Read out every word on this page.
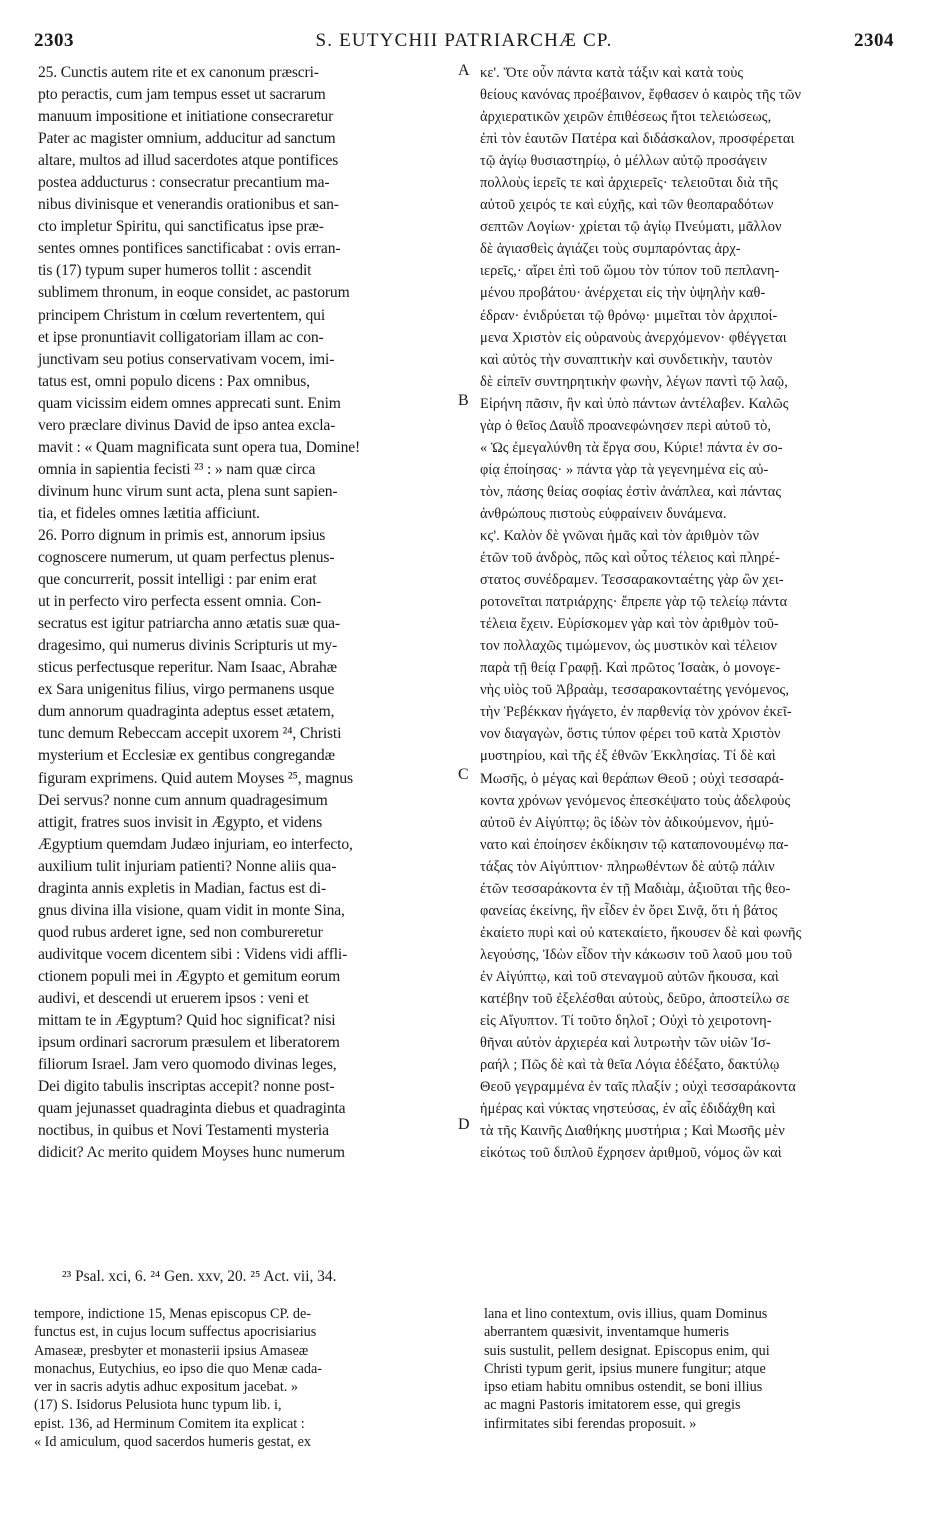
2303	S. EUTYCHII PATRIARCHÆ CP.	2304
25. Cunctis autem rite et ex canonum præscri-
pto peractis, cum jam tempus esset ut sacrarum
manuum impositione et initiatione consecraretur
Pater ac magister omnium, adducitur ad sanctum
altare, multos ad illud sacerdotes atque pontifices
postea adducturus : consecratur precantium ma-
nibus divinisque et venerandis orationibus et san-
cto impletur Spiritu, qui sanctificatus ipse præ-
sentes omnes pontifices sanctificabat : ovis erran-
tis (17) typum super humeros tollit : ascendit
sublimem thronum, in eoque considet, ac pastorum
principem Christum in cœlum revertentem, qui
et ipse pronuntiavit colligatoriam illam ac con-
junctivam seu potius conservativam vocem, imi-
tatus est, omni populo dicens : Pax omnibus,
quam vicissim eidem omnes apprecati sunt. Enim
vero præclare divinus David de ipso antea excla-
mavit : « Quam magnificata sunt opera tua, Domine!
omnia in sapientia fecisti ²³ : » nam quæ circa
divinum hunc virum sunt acta, plena sunt sapien-
tia, et fideles omnes lætitia afficiunt.
26. Porro dignum in primis est, annorum ipsius
cognoscere numerum, ut quam perfectus plenus-
que concurrerit, possit intelligi : par enim erat
ut in perfecto viro perfecta essent omnia. Con-
secratus est igitur patriarcha anno ætatis suæ qua-
dragesimo, qui numerus divinis Scripturis ut my-
sticus perfectusque reperitur. Nam Isaac, Abrahæ
ex Sara unigenitus filius, virgo permanens usque
dum annorum quadraginta adeptus esset ætatem,
tunc demum Rebeccam accepit uxorem ²⁴, Christi
mysterium et Ecclesiæ ex gentibus congregandæ
figuram exprimens. Quid autem Moyses ²⁵, magnus
Dei servus? nonne cum annum quadragesimum
attigit, fratres suos invisit in Ægypto, et videns
Ægyptium quemdam Judæo injuriam, eo interfecto,
auxilium tulit injuriam patienti? Nonne aliis qua-
draginta annis expletis in Madian, factus est di-
gnus divina illa visione, quam vidit in monte Sina,
quod rubus arderet igne, sed non combureretur
audivitque vocem dicentem sibi : Videns vidi affli-
ctionem populi mei in Ægypto et gemitum eorum
audivi, et descendi ut eruerem ipsos : veni et
mittam te in Ægyptum? Quid hoc significat? nisi
ipsum ordinari sacrorum præsulem et liberatorem
filiorum Israel. Jam vero quomodo divinas leges,
Dei digito tabulis inscriptas accepit? nonne post-
quam jejunasset quadraginta diebus et quadraginta
noctibus, in quibus et Novi Testamenti mysteria
didicit? Ac merito quidem Moyses hunc numerum
κε'. Ὅτε οὖν πάντα κατὰ τάξιν καὶ κατὰ τοὺς
θείους κανόνας προέβαινον, ἔφθασεν ὁ καιρὸς τῆς τῶν
ἀρχιερατικῶν χειρῶν ἐπιθέσεως ἤτοι τελειώσεως,
ἐπὶ τὸν ἑαυτῶν Πατέρα καὶ διδάσκαλον, προσφέρεται
τῷ ἁγίῳ θυσιαστηρίῳ, ὁ μέλλων αὐτῷ προσάγειν
πολλοὺς ἱερεῖς τε καὶ ἀρχιερεῖς· τελειοῦται διὰ τῆς
αὐτοῦ χειρός τε καὶ εὐχῆς, καὶ τῶν θεοπαραδότων
σεπτῶν Λογίων· χρίεται τῷ ἁγίῳ Πνεύματι, μᾶλλον
δὲ ἁγιασθεὶς ἁγιάζει τοὺς συμπαρόντας ἀρχ-
ιερεῖς,· αἴρει ἐπὶ τοῦ ὤμου τὸν τύπον τοῦ πεπλανη-
μένου προβάτου· ἀνέρχεται εἰς τὴν ὑψηλὴν καθ-
έδραν· ἐνιδρύεται τῷ θρόνῳ· μιμεῖται τὸν ἀρχιποί-
μενα Χριστὸν εἰς οὐρανοὺς ἀνερχόμενον· φθέγγεται
καὶ αὐτὸς τὴν συναπτικὴν καὶ συνδετικὴν, ταυτὸν
δὲ εἰπεῖν συντηρητικὴν φωνὴν, λέγων παντὶ τῷ λαῷ,
Εἰρήνη πᾶσιν, ἣν καὶ ὑπὸ πάντων ἀντέλαβεν. Καλῶς
γὰρ ὁ θεῖος Δαυῒδ προανεφώνησεν περὶ αὐτοῦ τὸ,
« Ὡς ἐμεγαλύνθη τὰ ἔργα σου, Κύριε! πάντα ἐν σο-
φίᾳ ἐποίησας· » πάντα γὰρ τὰ γεγενημένα εἰς αὐ-
τὸν, πάσης θείας σοφίας ἐστὶν ἀνάπλεα, καὶ πάντας
ἀνθρώπους πιστοὺς εὐφραίνειν δυνάμενα.
κϛ'. Καλὸν δὲ γνῶναι ἡμᾶς καὶ τὸν ἀριθμὸν τῶν
ἐτῶν τοῦ ἀνδρὸς, πῶς καὶ οὗτος τέλειος καὶ πληρέ-
στατος συνέδραμεν. Τεσσαρακονταέτης γὰρ ὢν χει-
ροτονεῖται πατριάρχης· ἔπρεπε γὰρ τῷ τελείῳ πάντα
τέλεια ἔχειν. Εὑρίσκομεν γὰρ καὶ τὸν ἀριθμὸν τοῦ-
τον πολλαχῶς τιμώμενον, ὡς μυστικὸν καὶ τέλειον
παρὰ τῇ θείᾳ Γραφῇ. Καὶ πρῶτος Ἰσαὰκ, ὁ μονογε-
νὴς υἱὸς τοῦ Ἀβραὰμ, τεσσαρακονταέτης γενόμενος,
τὴν Ῥεβέκκαν ἠγάγετο, ἐν παρθενίᾳ τὸν χρόνον ἐκεῖ-
νον διαγαγὼν, ὅστις τύπον φέρει τοῦ κατὰ Χριστὸν
μυστηρίου, καὶ τῆς ἐξ ἐθνῶν Ἐκκλησίας. Τί δὲ καὶ
Μωσῆς, ὁ μέγας καὶ θεράπων Θεοῦ ; οὐχὶ τεσσαρά-
κοντα χρόνων γενόμενος ἐπεσκέψατο τοὺς ἀδελφοὺς
αὐτοῦ ἐν Αἰγύπτῳ; ὃς ἰδὼν τὸν ἀδικούμενον, ἠμύ-
νατο καὶ ἐποίησεν ἐκδίκησιν τῷ καταπονουμένῳ πα-
τάξας τὸν Αἰγύπτιον· πληρωθέντων δὲ αὐτῷ πάλιν
ἐτῶν τεσσαράκοντα ἐν τῇ Μαδιὰμ, ἀξιοῦται τῆς θεο-
φανείας ἐκείνης, ἣν εἶδεν ἐν ὄρει Σινᾷ, ὅτι ἡ βάτος
ἐκαίετο πυρὶ καὶ οὐ κατεκαίετο, ἤκουσεν δὲ καὶ φωνῆς
λεγούσης, Ἰδὼν εἶδον τὴν κάκωσιν τοῦ λαοῦ μου τοῦ
ἐν Αἰγύπτῳ, καὶ τοῦ στεναγμοῦ αὐτῶν ἤκουσα, καὶ
κατέβην τοῦ ἐξελέσθαι αὐτοὺς, δεῦρο, ἀποστείλω σε
εἰς Αἴγυπτον. Τί τοῦτο δηλοῖ ; Οὐχὶ τὸ χειροτονη-
θῆναι αὐτὸν ἀρχιερέα καὶ λυτρωτὴν τῶν υἱῶν Ἰσ-
ραήλ ; Πῶς δὲ καὶ τὰ θεῖα Λόγια ἐδέξατο, δακτύλῳ
Θεοῦ γεγραμμένα ἐν ταῖς πλαξίν ; οὐχὶ τεσσαράκοντα
ἡμέρας καὶ νύκτας νηστεύσας, ἐν αἷς ἐδιδάχθη καὶ
τὰ τῆς Καινῆς Διαθήκης μυστήρια ; Καὶ Μωσῆς μὲν
εἰκότως τοῦ διπλοῦ ἔχρησεν ἀριθμοῦ, νόμος ὢν καὶ
A
B
C
D
²³ Psal. xci, 6. ²⁴ Gen. xxv, 20. ²⁵ Act. vii, 34.
tempore, indictione 15, Menas episcopus CP. de-
functus est, in cujus locum suffectus apocrisiarius
Amaseæ, presbyter et monasterii ipsius Amaseæ
monachus, Eutychius, eo ipso die quo Menæ cada-
ver in sacris adytis adhuc expositum jacebat. »
(17) S. Isidorus Pelusiota hunc typum lib. i,
epist. 136, ad Herminum Comitem ita explicat :
« Id amiculum, quod sacerdos humeris gestat, ex
lana et lino contextum, ovis illius, quam Dominus
aberrantem quæsivit, inventamque humeris
suis sustulit, pellem designat. Episcopus enim, qui
Christi typum gerit, ipsius munere fungitur; atque
ipso etiam habitu omnibus ostendit, se boni illius
ac magni Pastoris imitatorem esse, qui gregis
infirmitates sibi ferendas proposuit. »
